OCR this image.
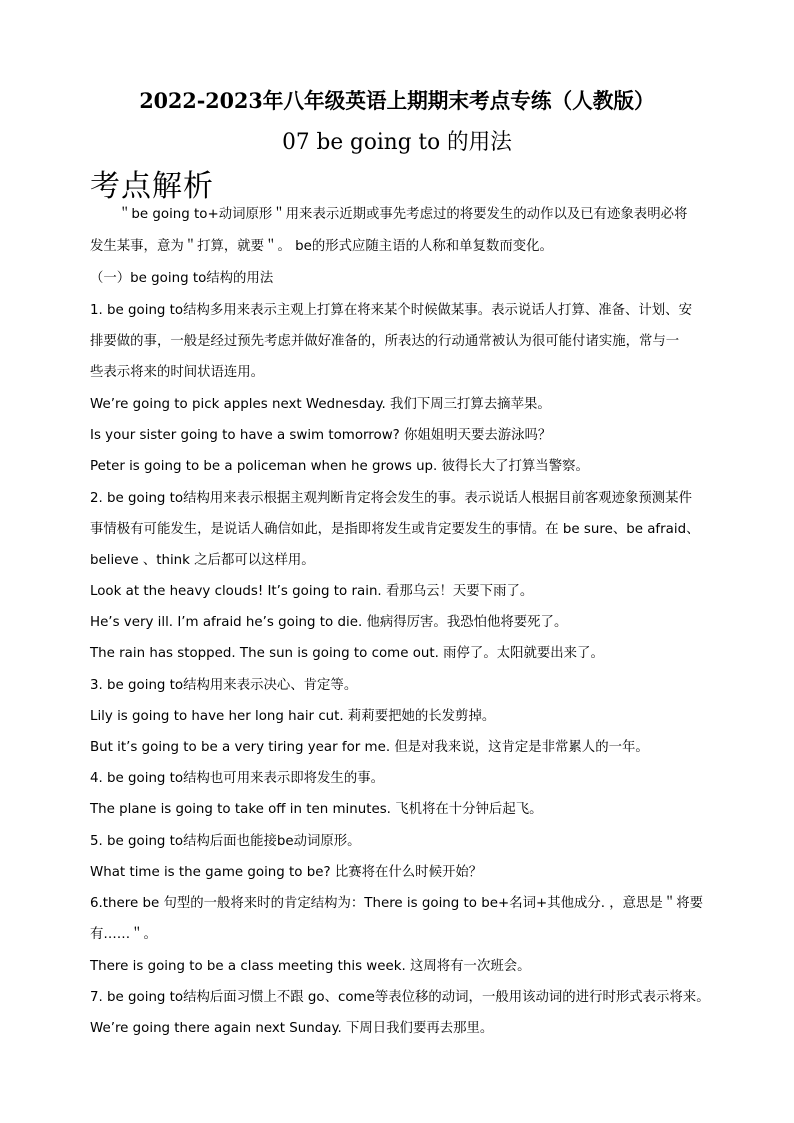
2022-2023年八年级英语上期期末考点专练（人教版）
07 be going to 的用法
考点解析
＂be going to+动词原形＂用来表示近期或事先考虑过的将要发生的动作以及已有迹象表明必将
发生某事，意为＂打算，就要＂。 be的形式应随主语的人称和单复数而变化。
（一）be going to结构的用法
1. be going to结构多用来表示主观上打算在将来某个时候做某事。表示说话人打算、准备、计划、安
排要做的事，一般是经过预先考虑并做好准备的，所表达的行动通常被认为很可能付诸实施，常与一
些表示将来的时间状语连用。
We’re going to pick apples next Wednesday. 我们下周三打算去摘苹果。
Is your sister going to have a swim tomorrow? 你姐姐明天要去游泳吗？
Peter is going to be a policeman when he grows up. 彼得长大了打算当警察。
2. be going to结构用来表示根据主观判断肯定将会发生的事。表示说话人根据目前客观迹象预测某件
事情极有可能发生，是说话人确信如此，是指即将发生或肯定要发生的事情。在 be sure、be afraid、
believe 、think 之后都可以这样用。
Look at the heavy clouds! It’s going to rain. 看那乌云！天要下雨了。
He’s very ill. I’m afraid he’s going to die. 他病得厉害。我恐怕他将要死了。
The rain has stopped. The sun is going to come out. 雨停了。太阳就要出来了。
3. be going to结构用来表示决心、肯定等。
Lily is going to have her long hair cut. 莉莉要把她的长发剪掉。
But it’s going to be a very tiring year for me. 但是对我来说，这肯定是非常累人的一年。
4. be going to结构也可用来表示即将发生的事。
The plane is going to take off in ten minutes. 飞机将在十分钟后起飞。
5. be going to结构后面也能接be动词原形。
What time is the game going to be? 比赛将在什么时候开始？
6.there be 句型的一般将来时的肯定结构为：There is going to be+名词+其他成分. ，意思是＂将要
有……＂。
There is going to be a class meeting this week. 这周将有一次班会。
7. be going to结构后面习惯上不跟 go、come等表位移的动词，一般用该动词的进行时形式表示将来。
We’re going there again next Sunday. 下周日我们要再去那里。
